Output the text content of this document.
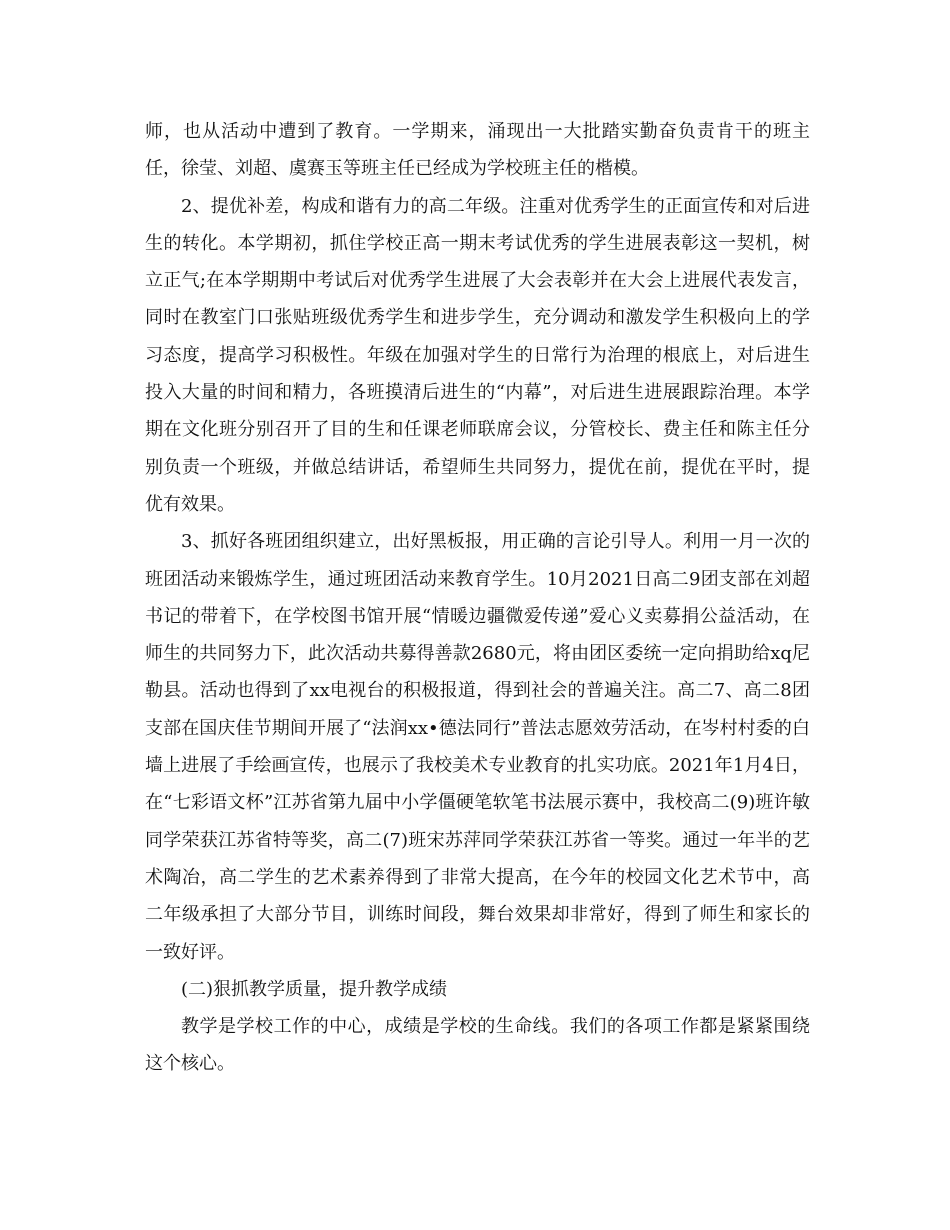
师，也从活动中遭到了教育。一学期来，涌现出一大批踏实勤奋负责肯干的班主任，徐莹、刘超、虞赛玉等班主任已经成为学校班主任的楷模。

2、提优补差，构成和谐有力的高二年级。注重对优秀学生的正面宣传和对后进生的转化。本学期初，抓住学校正高一期末考试优秀的学生进展表彰这一契机，树立正气;在本学期期中考试后对优秀学生进展了大会表彰并在大会上进展代表发言，同时在教室门口张贴班级优秀学生和进步学生，充分调动和激发学生积极向上的学习态度，提高学习积极性。年级在加强对学生的日常行为治理的根底上，对后进生投入大量的时间和精力，各班摸清后进生的“内幕”，对后进生进展跟踪治理。本学期在文化班分别召开了目的生和任课老师联席会议，分管校长、费主任和陈主任分别负责一个班级，并做总结讲话，希望师生共同努力，提优在前，提优在平时，提优有效果。

3、抓好各班团组织建立，出好黑板报，用正确的言论引导人。利用一月一次的班团活动来锻炼学生，通过班团活动来教育学生。10月2021日高二9团支部在刘超书记的带着下，在学校图书馆开展“情暖边疆微爱传递”爱心义卖募捐公益活动，在师生的共同努力下，此次活动共募得善款2680元，将由团区委统一定向捐助给xq尼勒县。活动也得到了xx电视台的积极报道，得到社会的普遍关注。高二7、高二8团支部在国庆佳节期间开展了“法润xx•德法同行”普法志愿效劳活动，在岑村村委的白墙上进展了手绘画宣传，也展示了我校美术专业教育的扎实功底。2021年1月4日，在“七彩语文杯”江苏省第九届中小学僵硬笔软笔书法展示赛中，我校高二(9)班许敏同学荣获江苏省特等奖，高二(7)班宋苏萍同学荣获江苏省一等奖。通过一年半的艺术陶冶，高二学生的艺术素养得到了非常大提高，在今年的校园文化艺术节中，高二年级承担了大部分节目，训练时间段，舞台效果却非常好，得到了师生和家长的一致好评。

(二)狠抓教学质量，提升教学成绩

教学是学校工作的中心，成绩是学校的生命线。我们的各项工作都是紧紧围绕这个核心。
